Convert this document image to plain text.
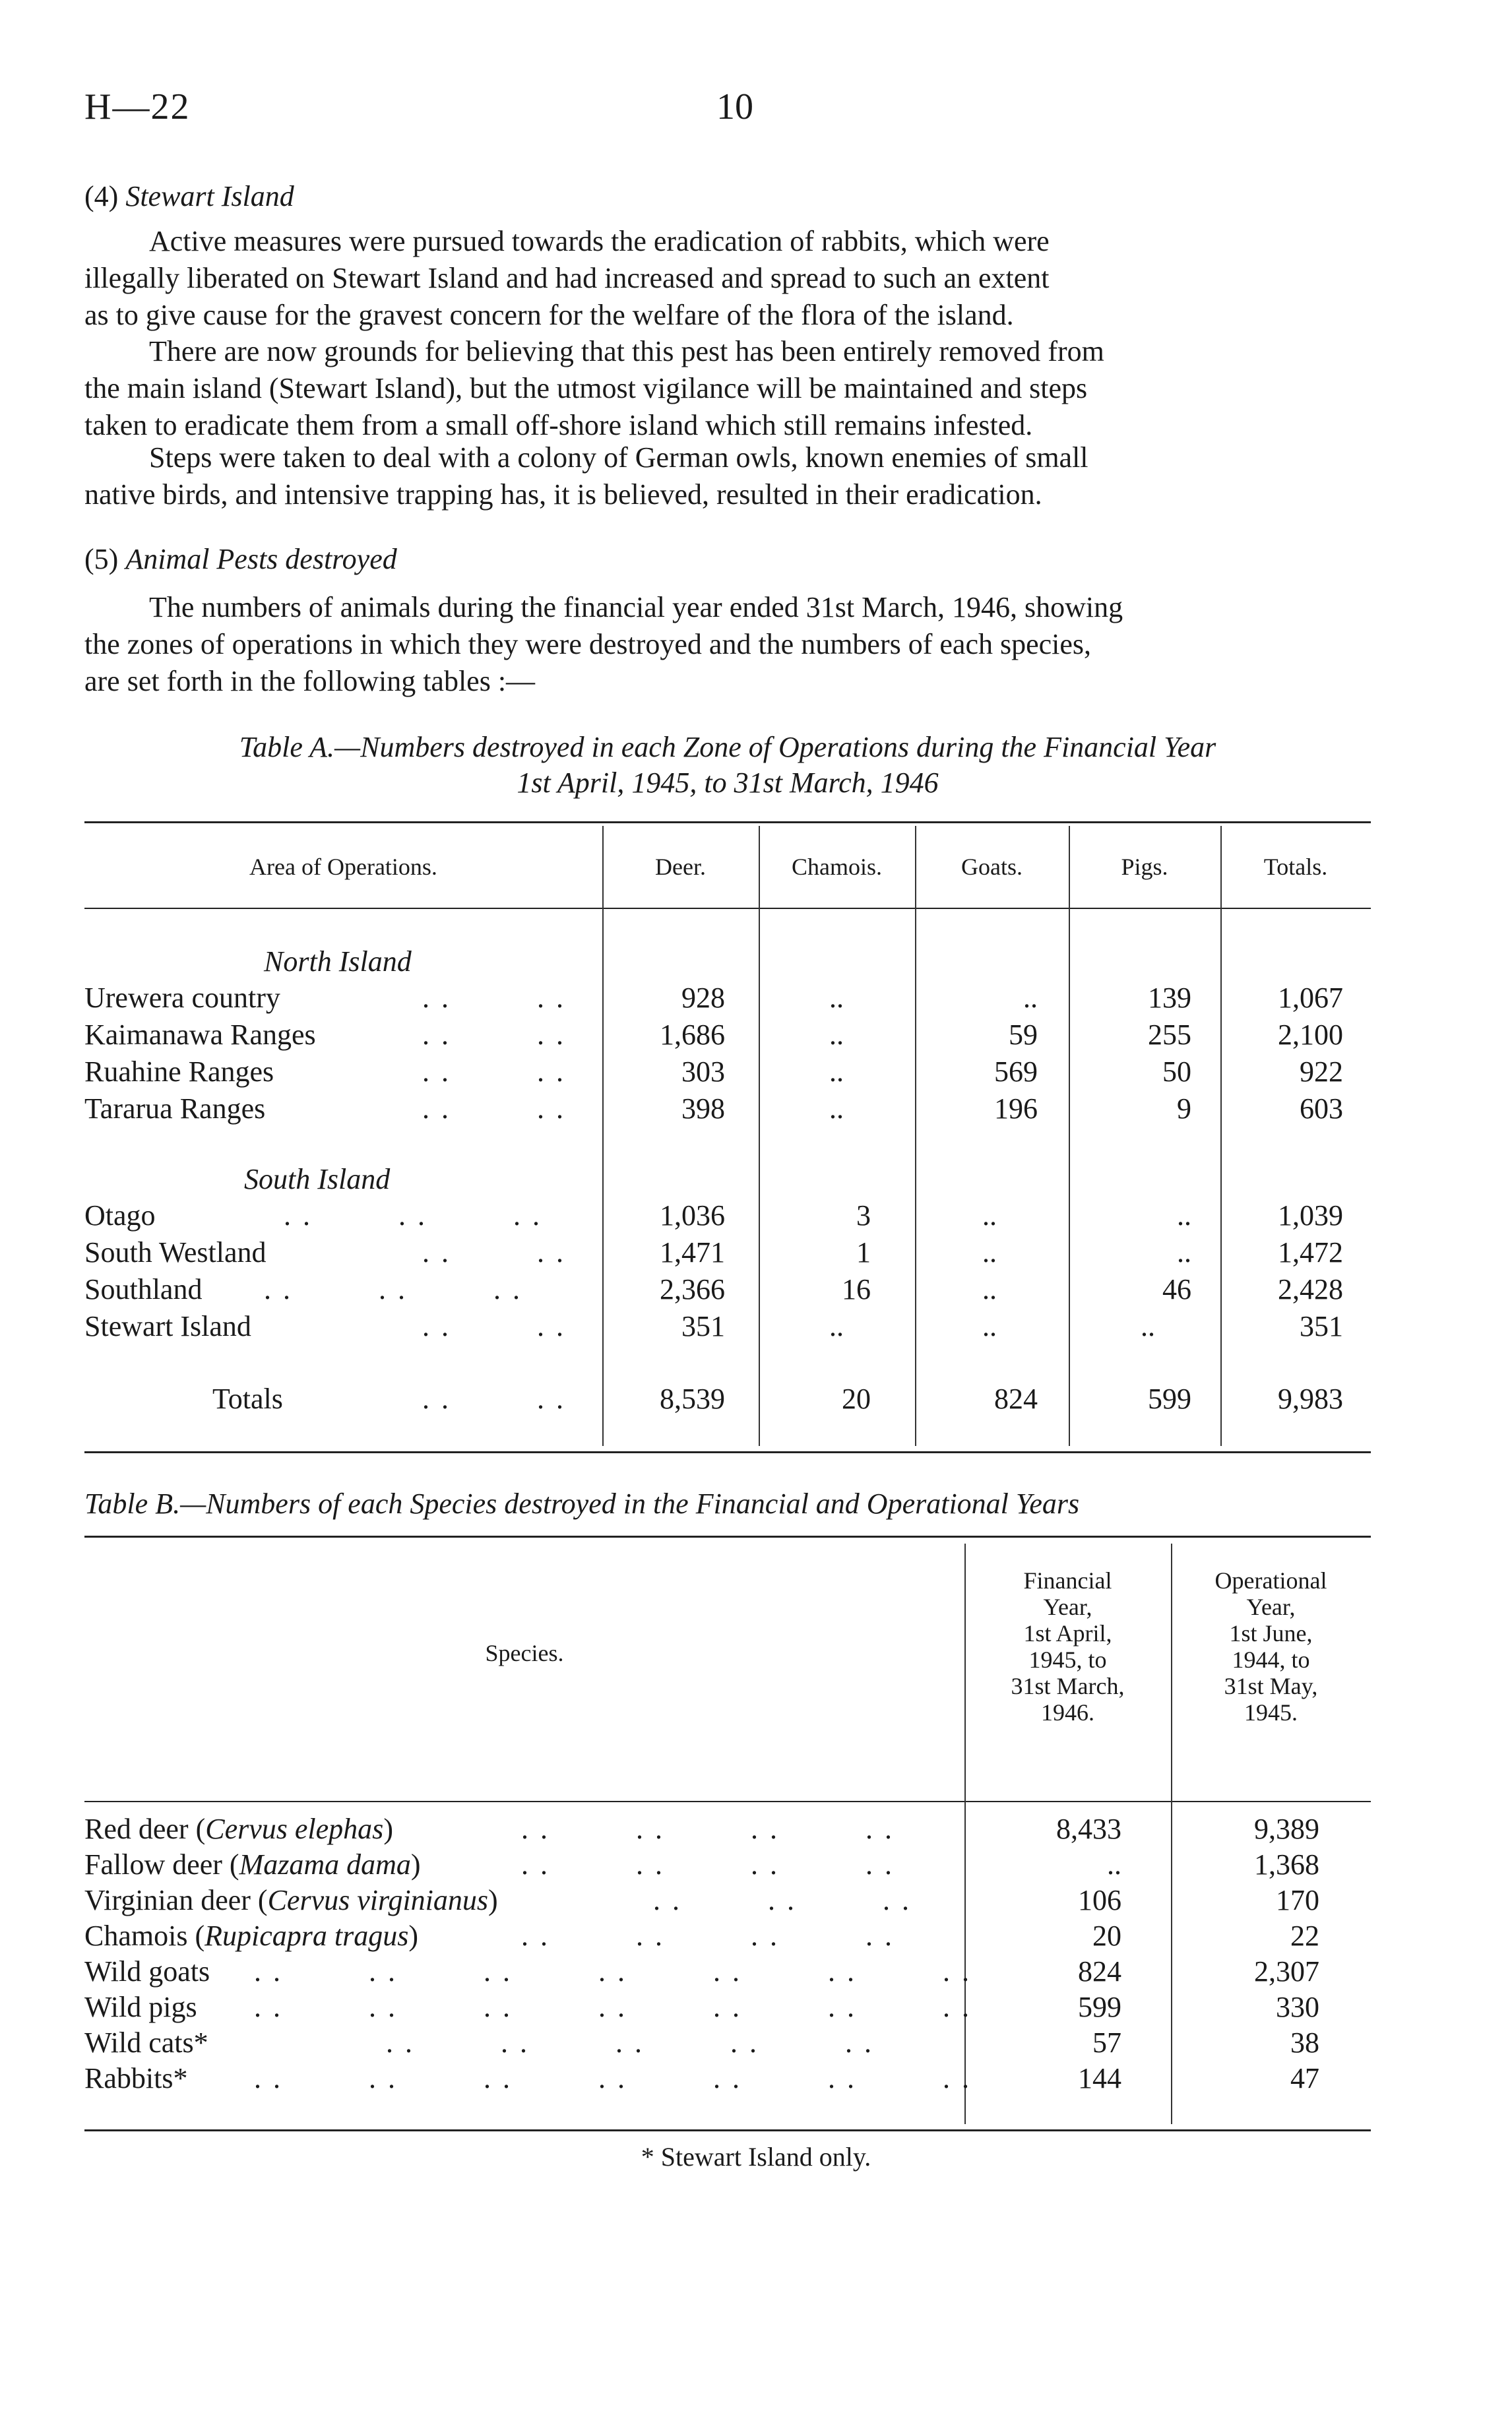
H—22	10
(4) Stewart Island
Active measures were pursued towards the eradication of rabbits, which were
illegally liberated on Stewart Island and had increased and spread to such an extent
as to give cause for the gravest concern for the welfare of the flora of the island.
There are now grounds for believing that this pest has been entirely removed from
the main island (Stewart Island), but the utmost vigilance will be maintained and steps
taken to eradicate them from a small off-shore island which still remains infested.
Steps were taken to deal with a colony of German owls, known enemies of small
native birds, and intensive trapping has, it is believed, resulted in their eradication.
(5) Animal Pests destroyed
The numbers of animals during the financial year ended 31st March, 1946, showing
the zones of operations in which they were destroyed and the numbers of each species,
are set forth in the following tables :—
Table A.—Numbers destroyed in each Zone of Operations during the Financial Year
1st April, 1945, to 31st March, 1946
Area of Operations.	Deer.	Chamois.	Goats.	Pigs.	Totals.
North Island
Urewera country	..    ..	928	..	..	139	1,067
Kaimanawa Ranges	..    ..	1,686	..	59	255	2,100
Ruahine Ranges	..    ..	303	..	569	50	922
Tararua Ranges	..    ..	398	..	196	9	603
South Island
Otago	..    ..    ..	1,036	3	..	..	1,039
South Westland	..    ..	1,471	1	..	..	1,472
Southland ..    ..    ..	2,366	16	..	46	2,428
Stewart Island	..    ..	351	..	..	..	351
Totals	..    ..	8,539	20	824	599	9,983
Table B.—Numbers of each Species destroyed in the Financial and Operational Years
Species.
Financial
Year,
1st April,
1945, to
31st March,
1946.
Operational
Year,
1st June,
1944, to
31st May,
1945.
Red deer (Cervus elephas)	..    ..    ..    ..	8,433	9,389
Fallow deer (Mazama dama)	..    ..    ..    ..	..	1,368
Virginian deer (Cervus virginianus)	..    ..    ..	106	170
Chamois (Rupicapra tragus)	..    ..    ..    ..	20	22
Wild goats ..    ..    ..    ..    ..    ..    ..	824	2,307
Wild pigs ..    ..    ..    ..    ..    ..    ..	599	330
Wild cats*	..    ..    ..    ..    ..	57	38
Rabbits* ..    ..    ..    ..    ..    ..    ..	144	47
* Stewart Island only.
